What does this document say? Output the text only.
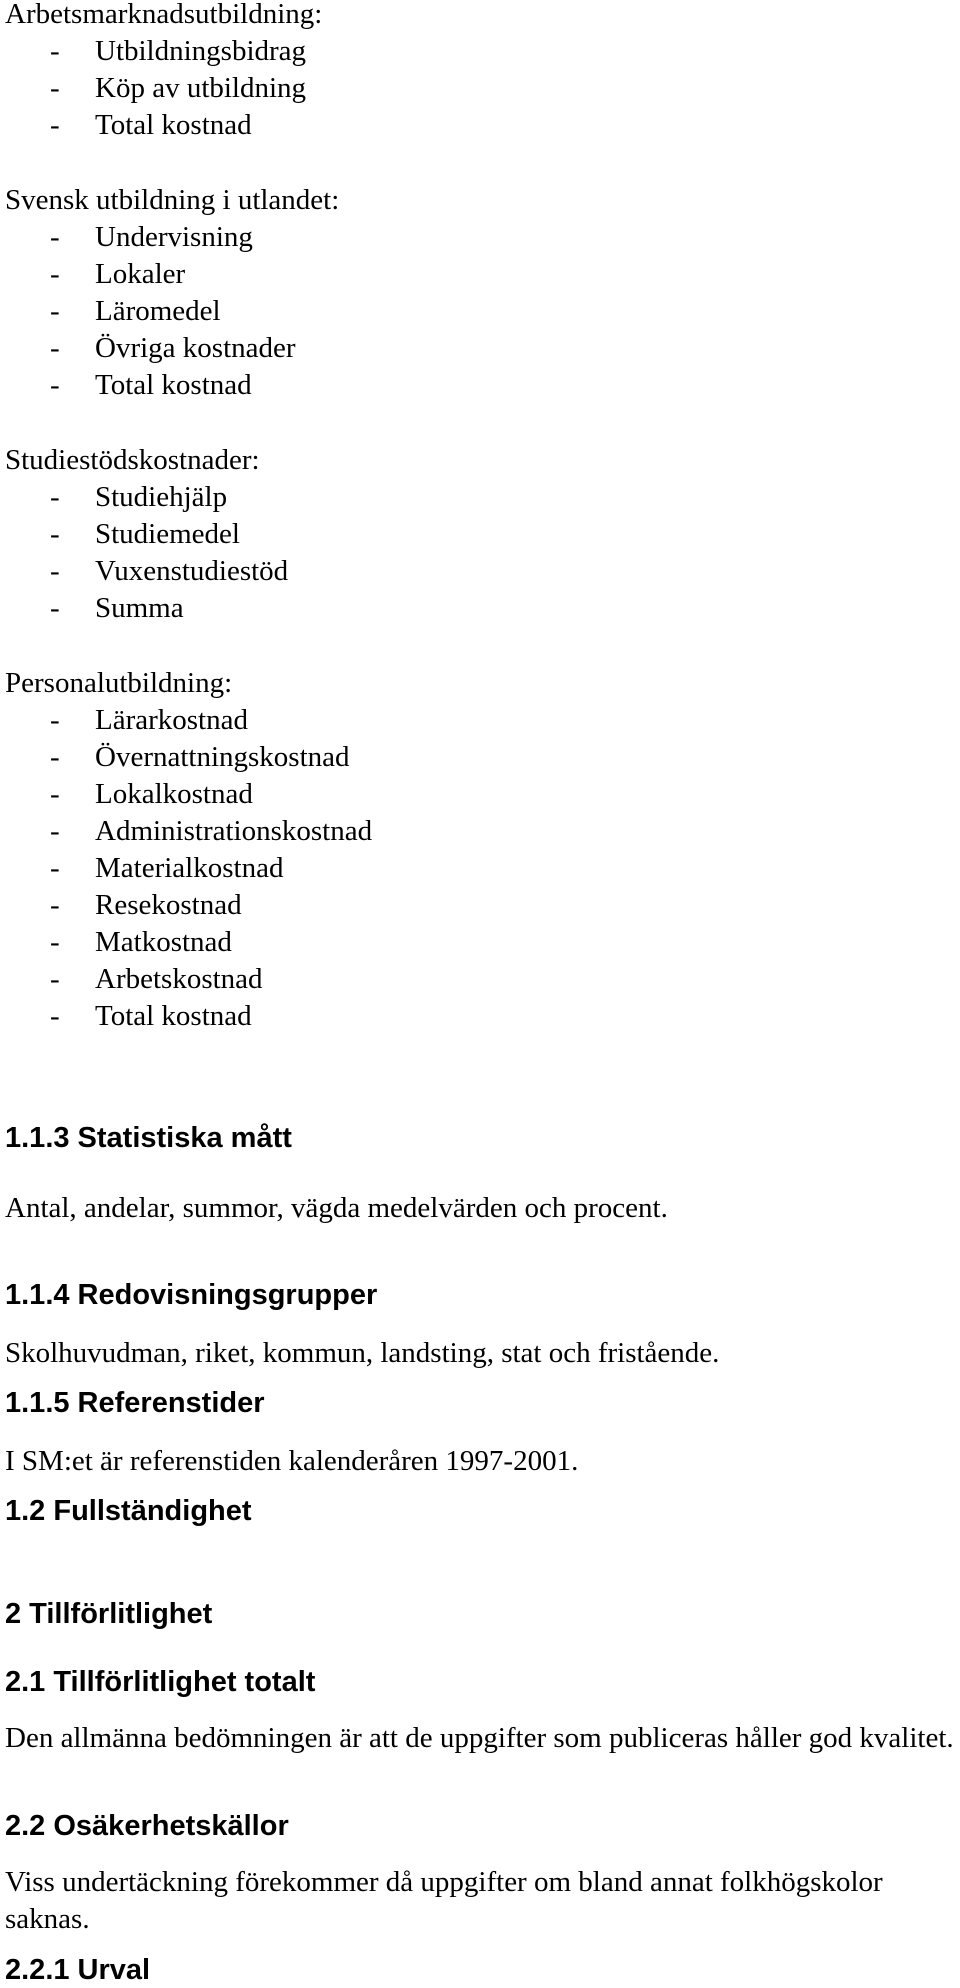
Arbetsmarknadsutbildning:
- Utbildningsbidrag
- Köp av utbildning
- Total kostnad
Svensk utbildning i utlandet:
- Undervisning
- Lokaler
- Läromedel
- Övriga kostnader
- Total kostnad
Studiestödskostnader:
- Studiehjälp
- Studiemedel
- Vuxenstudiestöd
- Summa
Personalutbildning:
- Lärarkostnad
- Övernattningskostnad
- Lokalkostnad
- Administrationskostnad
- Materialkostnad
- Resekostnad
- Matkostnad
- Arbetskostnad
- Total kostnad
1.1.3 Statistiska mått
Antal, andelar, summor, vägda medelvärden och procent.
1.1.4 Redovisningsgrupper
Skolhuvudman, riket, kommun, landsting, stat och fristående.
1.1.5 Referenstider
I SM:et är referenstiden kalenderåren 1997-2001.
1.2 Fullständighet
2 Tillförlitlighet
2.1 Tillförlitlighet totalt
Den allmänna bedömningen är att de uppgifter som publiceras håller god kvalitet.
2.2 Osäkerhetskällor
Viss undertäckning förekommer då uppgifter om bland annat folkhögskolor saknas.
2.2.1 Urval
